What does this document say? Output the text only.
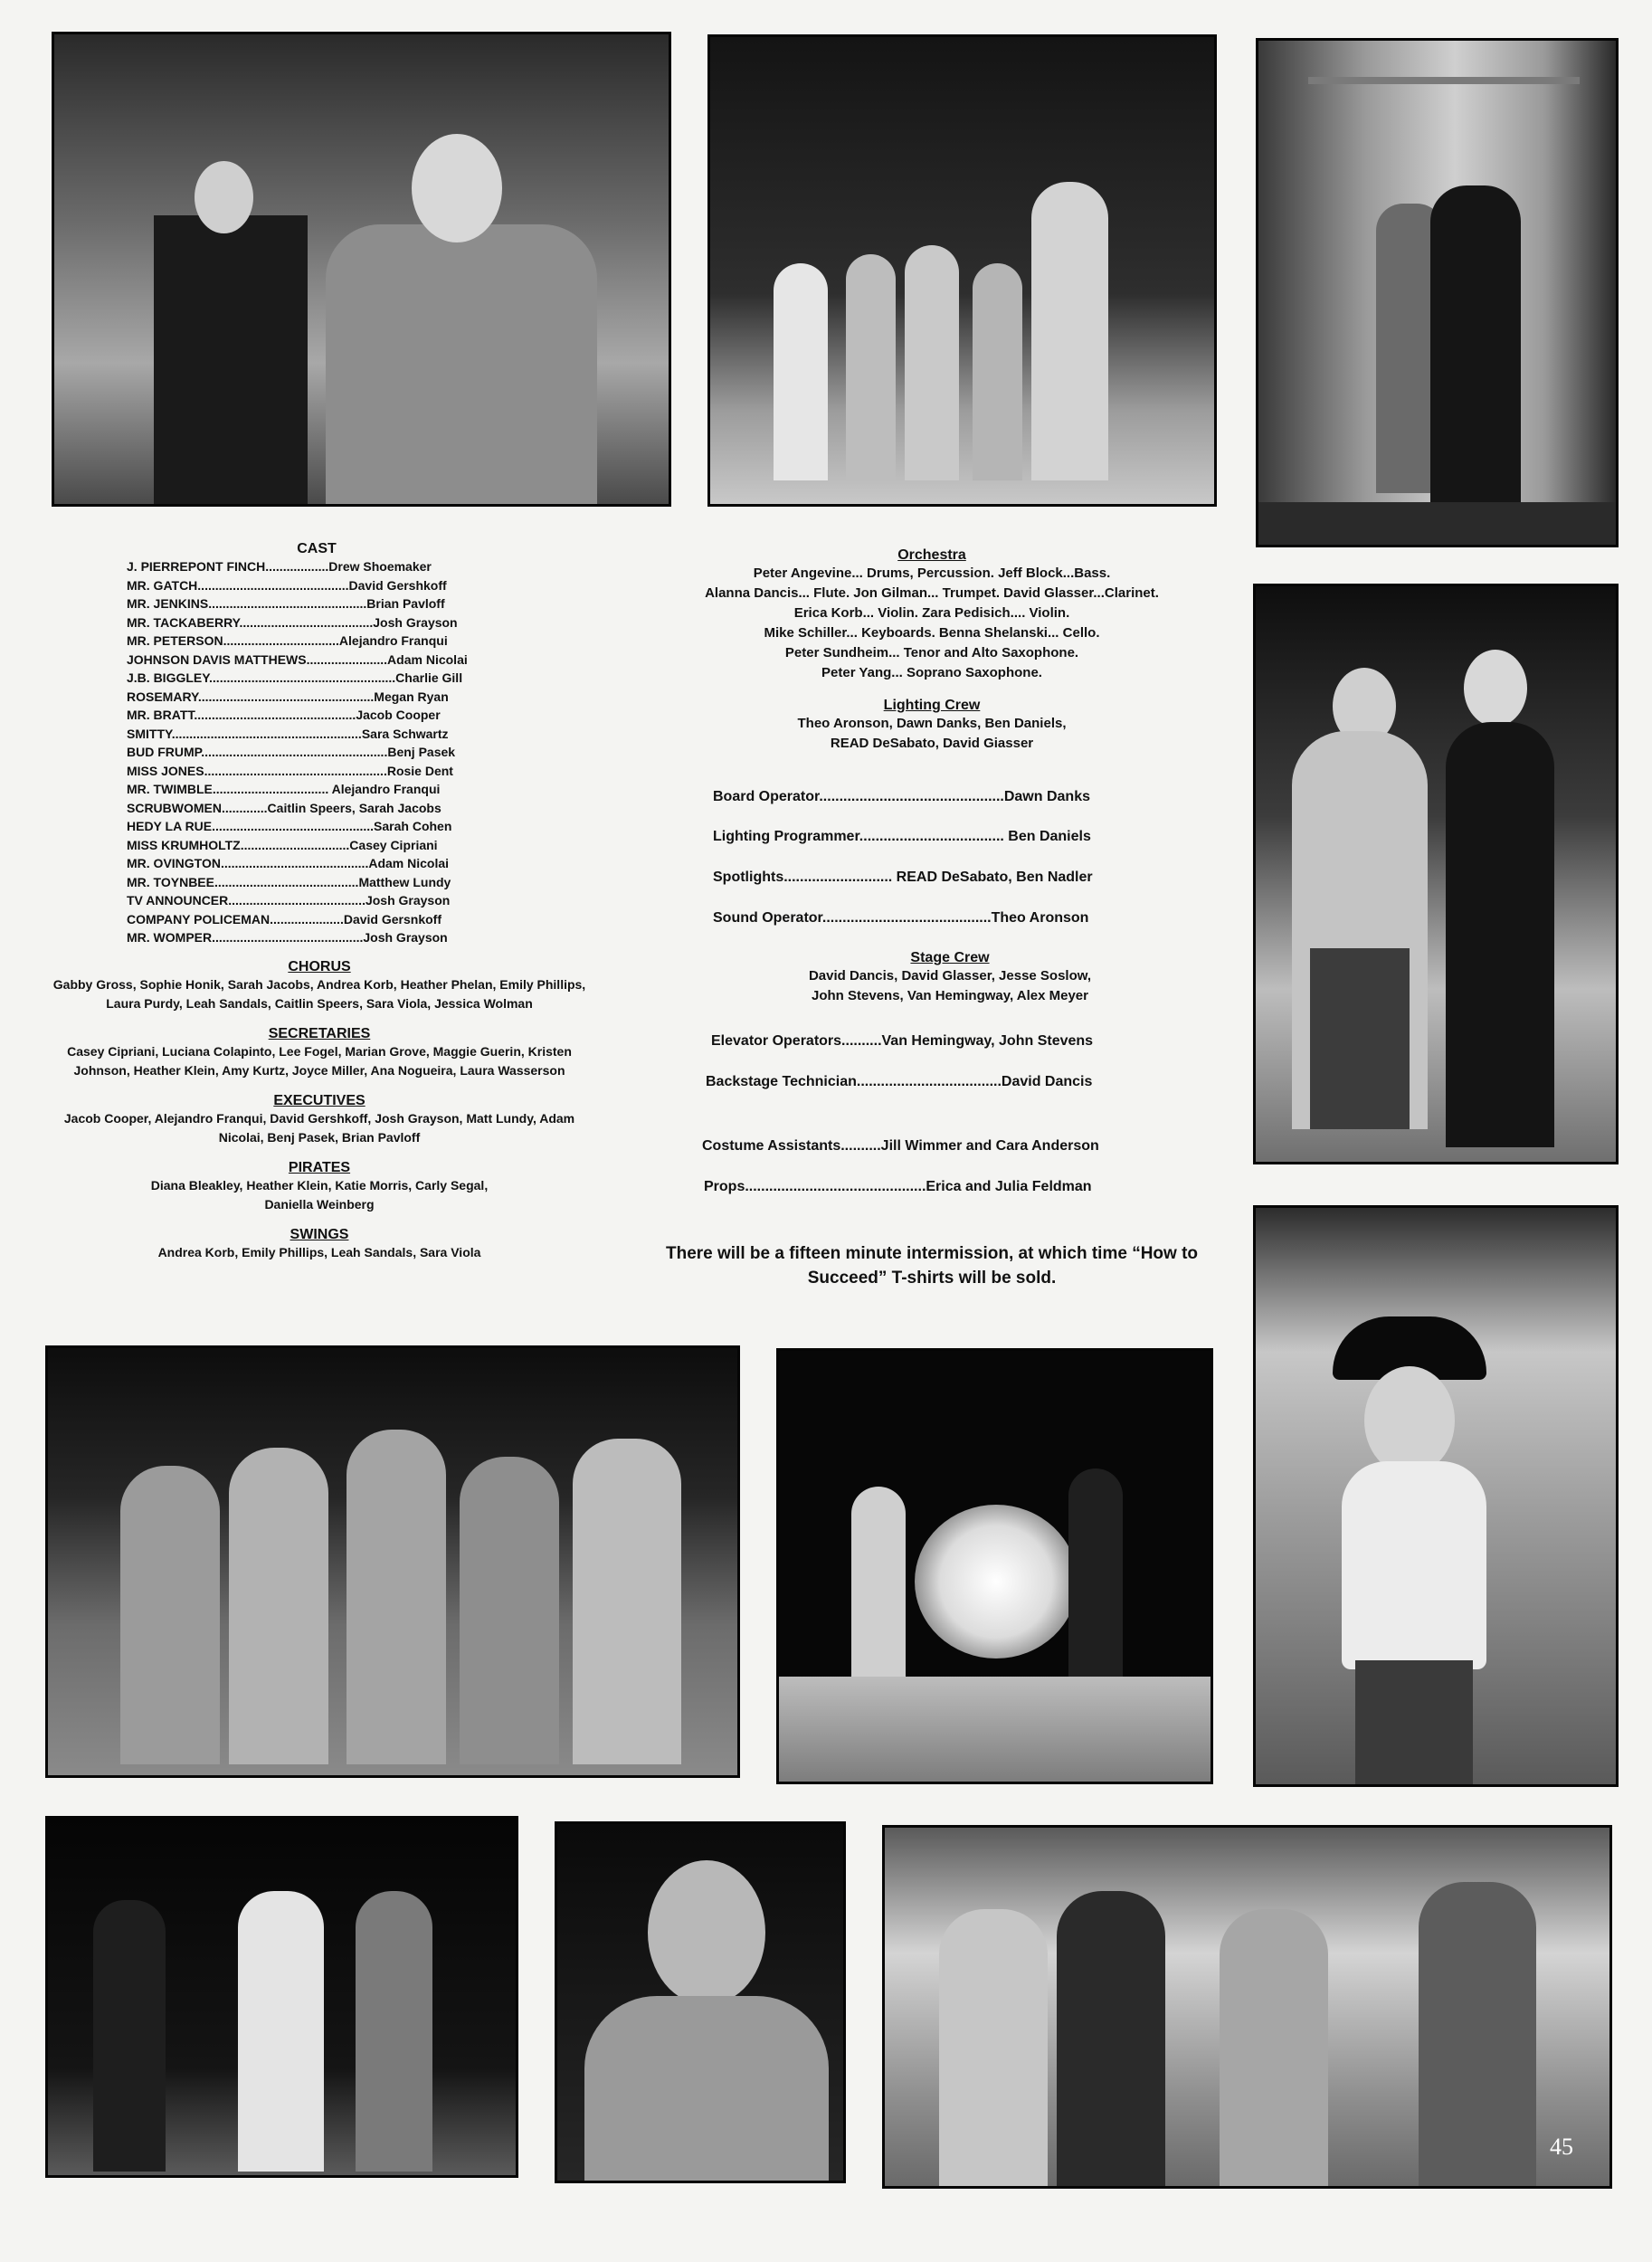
45
CAST
J. PIERREPONT FINCH..................Drew Shoemaker
MR. GATCH...........................................David Gershkoff
MR. JENKINS.............................................Brian Pavloff
MR. TACKABERRY......................................Josh Grayson
MR. PETERSON.................................Alejandro Franqui
JOHNSON DAVIS MATTHEWS.......................Adam Nicolai
J.B. BIGGLEY.....................................................Charlie Gill
ROSEMARY..................................................Megan Ryan
MR. BRATT..............................................Jacob Cooper
SMITTY......................................................Sara Schwartz
BUD FRUMP.....................................................Benj Pasek
MISS JONES....................................................Rosie Dent
MR. TWIMBLE................................. Alejandro Franqui
SCRUBWOMEN.............Caitlin Speers, Sarah Jacobs
HEDY LA RUE..............................................Sarah Cohen
MISS KRUMHOLTZ...............................Casey Cipriani
MR. OVINGTON..........................................Adam Nicolai
MR. TOYNBEE.........................................Matthew Lundy
TV ANNOUNCER.......................................Josh Grayson
COMPANY POLICEMAN.....................David Gersnkoff
MR. WOMPER...........................................Josh Grayson
CHORUS
Gabby Gross, Sophie Honik, Sarah Jacobs, Andrea Korb, Heather Phelan, Emily Phillips, Laura Purdy, Leah Sandals, Caitlin Speers, Sara Viola, Jessica Wolman
SECRETARIES
Casey Cipriani, Luciana Colapinto, Lee Fogel, Marian Grove, Maggie Guerin, Kristen Johnson, Heather Klein, Amy Kurtz, Joyce Miller, Ana Nogueira, Laura Wasserson
EXECUTIVES
Jacob Cooper, Alejandro Franqui, David Gershkoff, Josh Grayson, Matt Lundy, Adam Nicolai, Benj Pasek, Brian Pavloff
PIRATES
Diana Bleakley, Heather Klein, Katie Morris, Carly Segal, Daniella Weinberg
SWINGS
Andrea Korb, Emily Phillips, Leah Sandals, Sara Viola
Orchestra
Peter Angevine... Drums, Percussion. Jeff Block...Bass.
Alanna Dancis... Flute. Jon Gilman... Trumpet. David Glasser...Clarinet.
Erica Korb... Violin. Zara Pedisich.... Violin.
Mike Schiller... Keyboards. Benna Shelanski... Cello.
Peter Sundheim... Tenor and Alto Saxophone.
Peter Yang... Soprano Saxophone.
Lighting Crew
Theo Aronson, Dawn Danks, Ben Daniels,
READ DeSabato, David Giasser
Board Operator..............................................Dawn Danks
Lighting Programmer.................................... Ben Daniels
Spotlights........................... READ DeSabato, Ben Nadler
Sound Operator..........................................Theo Aronson
Stage Crew
David Dancis, David Glasser, Jesse Soslow,
John Stevens, Van Hemingway, Alex Meyer
Elevator Operators..........Van Hemingway, John Stevens
Backstage Technician....................................David Dancis
Costume Assistants..........Jill Wimmer and Cara Anderson
Props.............................................Erica and Julia Feldman
There will be a fifteen minute intermission, at which time “How to Succeed” T-shirts will be sold.
